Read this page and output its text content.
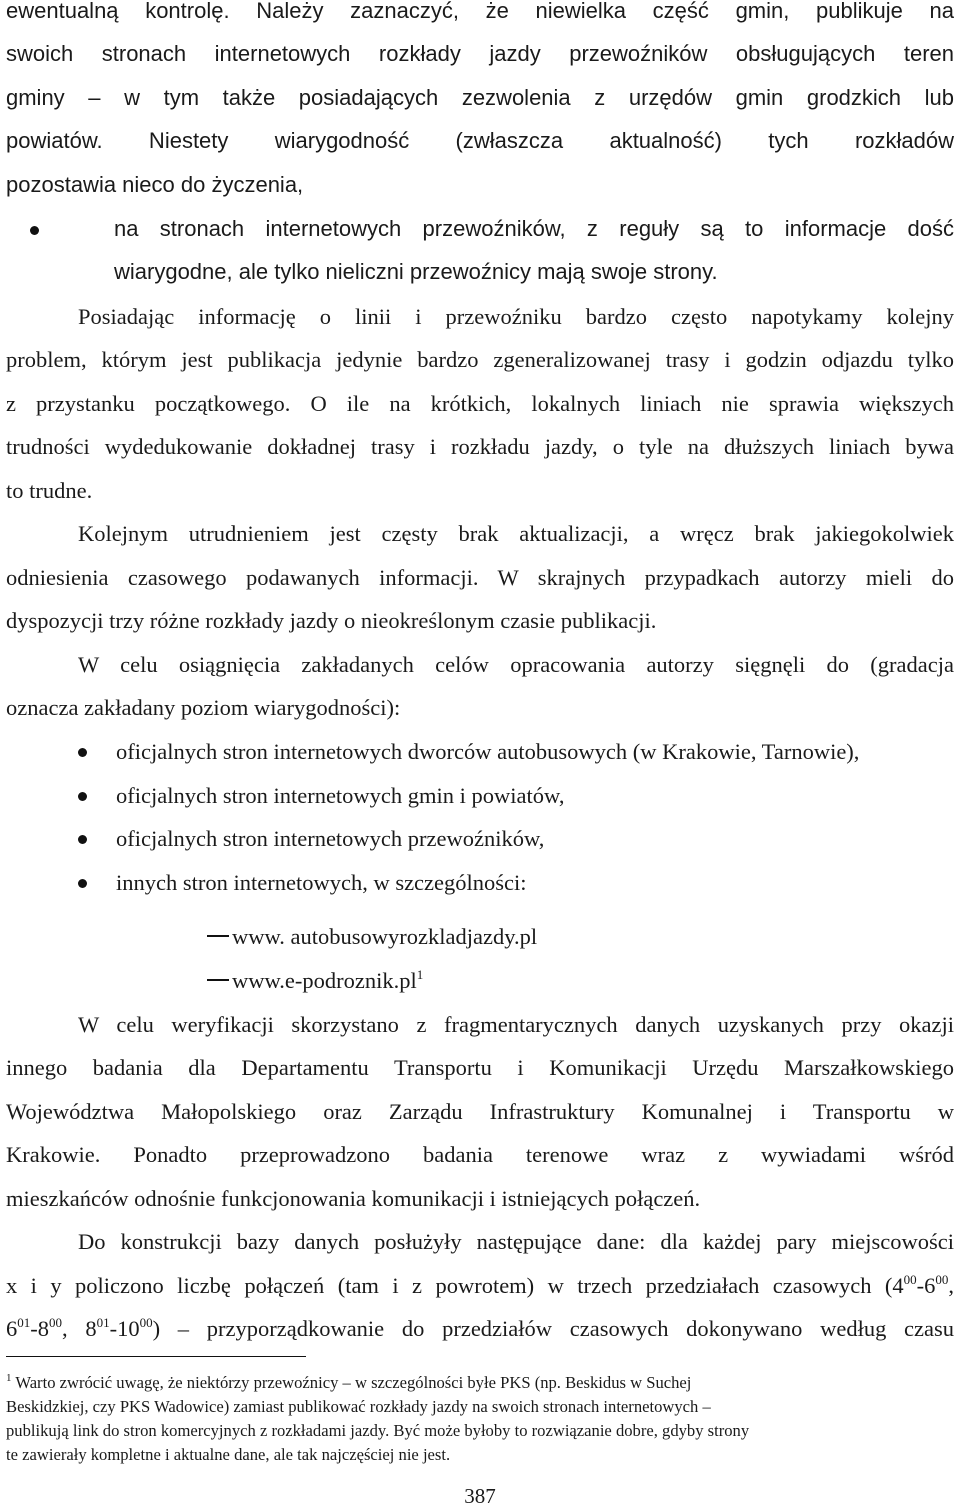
ewentualną kontrolę. Należy zaznaczyć, że niewielka część gmin, publikuje na
swoich stronach internetowych rozkłady jazdy przewoźników obsługujących teren
gminy – w tym także posiadających zezwolenia z urzędów gmin grodzkich lub
powiatów. Niestety wiarygodność (zwłaszcza aktualność) tych rozkładów
pozostawia nieco do życzenia,
na stronach internetowych przewoźników, z reguły są to informacje dość
wiarygodne, ale tylko nieliczni przewoźnicy mają swoje strony.
Posiadając informację o linii i przewoźniku bardzo często napotykamy kolejny
problem, którym jest publikacja jedynie bardzo zgeneralizowanej trasy i godzin odjazdu tylko
z przystanku początkowego. O ile na krótkich, lokalnych liniach nie sprawia większych
trudności wydedukowanie dokładnej trasy i rozkładu jazdy, o tyle na dłuższych liniach bywa
to trudne.
Kolejnym utrudnieniem jest częsty brak aktualizacji, a wręcz brak jakiegokolwiek
odniesienia czasowego podawanych informacji. W skrajnych przypadkach autorzy mieli do
dyspozycji trzy różne rozkłady jazdy o nieokreślonym czasie publikacji.
W celu osiągnięcia zakładanych celów opracowania autorzy sięgnęli do (gradacja
oznacza zakładany poziom wiarygodności):
oficjalnych stron internetowych dworców autobusowych (w Krakowie, Tarnowie),
oficjalnych stron internetowych gmin i powiatów,
oficjalnych stron internetowych przewoźników,
innych stron internetowych, w szczególności:
www. autobusowyrozkladjazdy.pl
$www.e-podroznik.pl^1$
W celu weryfikacji skorzystano z fragmentarycznych danych uzyskanych przy okazji
innego badania dla Departamentu Transportu i Komunikacji Urzędu Marszałkowskiego
Województwa Małopolskiego oraz Zarządu Infrastruktury Komunalnej i Transportu w
Krakowie. Ponadto przeprowadzono badania terenowe wraz z wywiadami wśród
mieszkańców odnośnie funkcjonowania komunikacji i istniejących połączeń.
Do konstrukcji bazy danych posłużyły następujące dane: dla każdej pary miejscowości
x i y policzono liczbę połączeń (tam i z powrotem) w trzech przedziałach czasowych ($4^{00}-6^{00}$,
$6^{01}-8^{00}$, $8^{01}-10^{00}$) – przyporządkowanie do przedziałów czasowych dokonywano według czasu
$^1$ Warto zwrócić uwagę, że niektórzy przewoźnicy – w szczególności byłe PKS (np. Beskidus w Suchej
Beskidzkiej, czy PKS Wadowice) zamiast publikować rozkłady jazdy na swoich stronach internetowych –
publikują link do stron komercyjnych z rozkładami jazdy. Być może byłoby to rozwiązanie dobre, gdyby strony
te zawierały kompletne i aktualne dane, ale tak najczęściej nie jest.
387
